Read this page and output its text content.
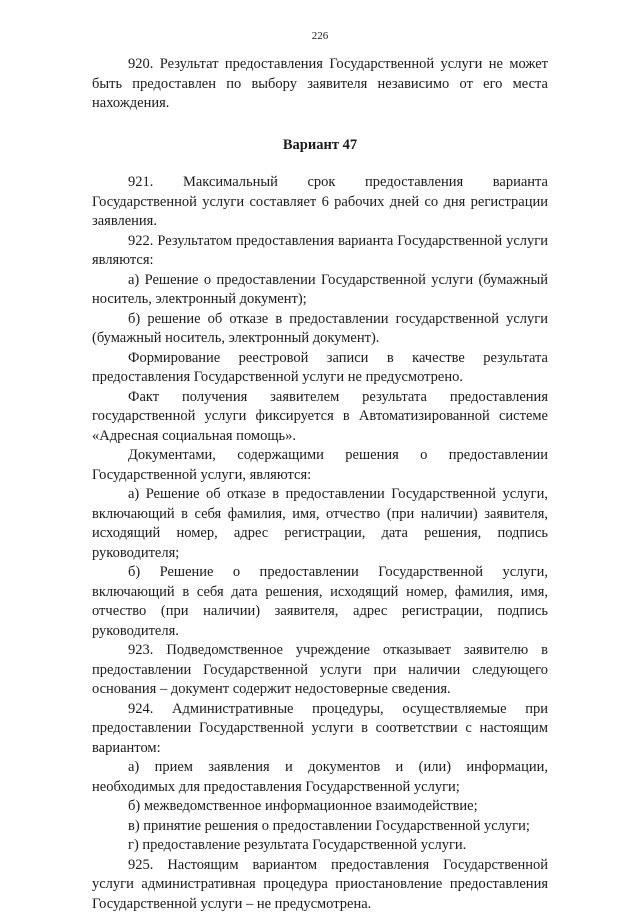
226

920. Результат предоставления Государственной услуги не может быть предоставлен по выбору заявителя независимо от его места нахождения.

Вариант 47

921. Максимальный срок предоставления варианта Государственной услуги составляет 6 рабочих дней со дня регистрации заявления.

922. Результатом предоставления варианта Государственной услуги являются:

а) Решение о предоставлении Государственной услуги (бумажный носитель, электронный документ);

б) решение об отказе в предоставлении государственной услуги (бумажный носитель, электронный документ).

Формирование реестровой записи в качестве результата предоставления Государственной услуги не предусмотрено.

Факт получения заявителем результата предоставления государственной услуги фиксируется в Автоматизированной системе «Адресная социальная помощь».

Документами, содержащими решения о предоставлении Государственной услуги, являются:

а) Решение об отказе в предоставлении Государственной услуги, включающий в себя фамилия, имя, отчество (при наличии) заявителя, исходящий номер, адрес регистрации, дата решения, подпись руководителя;

б) Решение о предоставлении Государственной услуги, включающий в себя дата решения, исходящий номер, фамилия, имя, отчество (при наличии) заявителя, адрес регистрации, подпись руководителя.

923. Подведомственное учреждение отказывает заявителю в предоставлении Государственной услуги при наличии следующего основания – документ содержит недостоверные сведения.

924. Административные процедуры, осуществляемые при предоставлении Государственной услуги в соответствии с настоящим вариантом:

а) прием заявления и документов и (или) информации, необходимых для предоставления Государственной услуги;

б) межведомственное информационное взаимодействие;

в) принятие решения о предоставлении Государственной услуги;

г) предоставление результата Государственной услуги.

925. Настоящим вариантом предоставления Государственной услуги административная процедура приостановление предоставления Государственной услуги – не предусмотрена.
